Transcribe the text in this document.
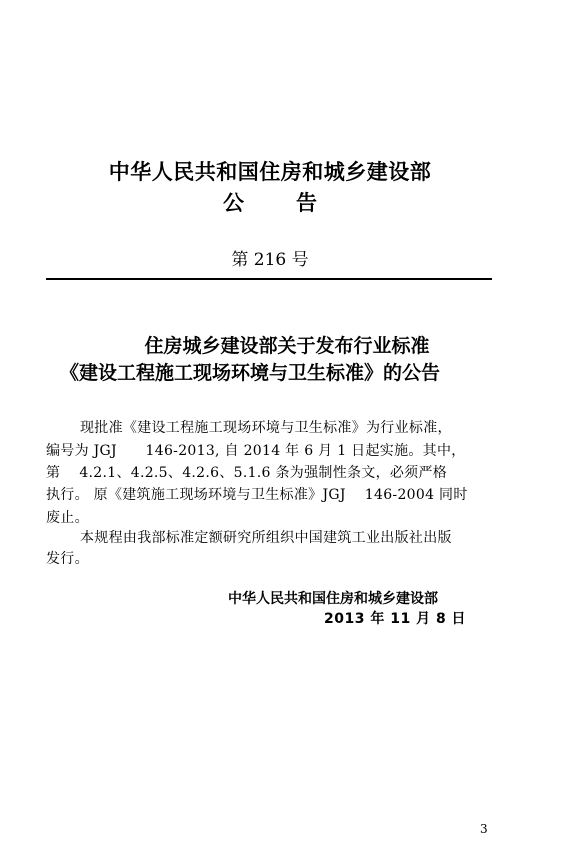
中华人民共和国住房和城乡建设部
公 告
第 216 号
住房城乡建设部关于发布行业标准
《建设工程施工现场环境与卫生标准》的公告
现批准《建设工程施工现场环境与卫生标准》为行业标准，
编号为 JGJ　　146-2013, 自 2014 年 6 月 1 日起实施。其中，
第　 4.2.1、4.2.5、4.2.6、5.1.6 条为强制性条文，必须严格
执行。 原《建筑施工现场环境与卫生标准》JGJ　 146-2004 同时
废止。
本规程由我部标准定额研究所组织中国建筑工业出版社出版
发行。
中华人民共和国住房和城乡建设部
2013 年 11 月 8 日
3
